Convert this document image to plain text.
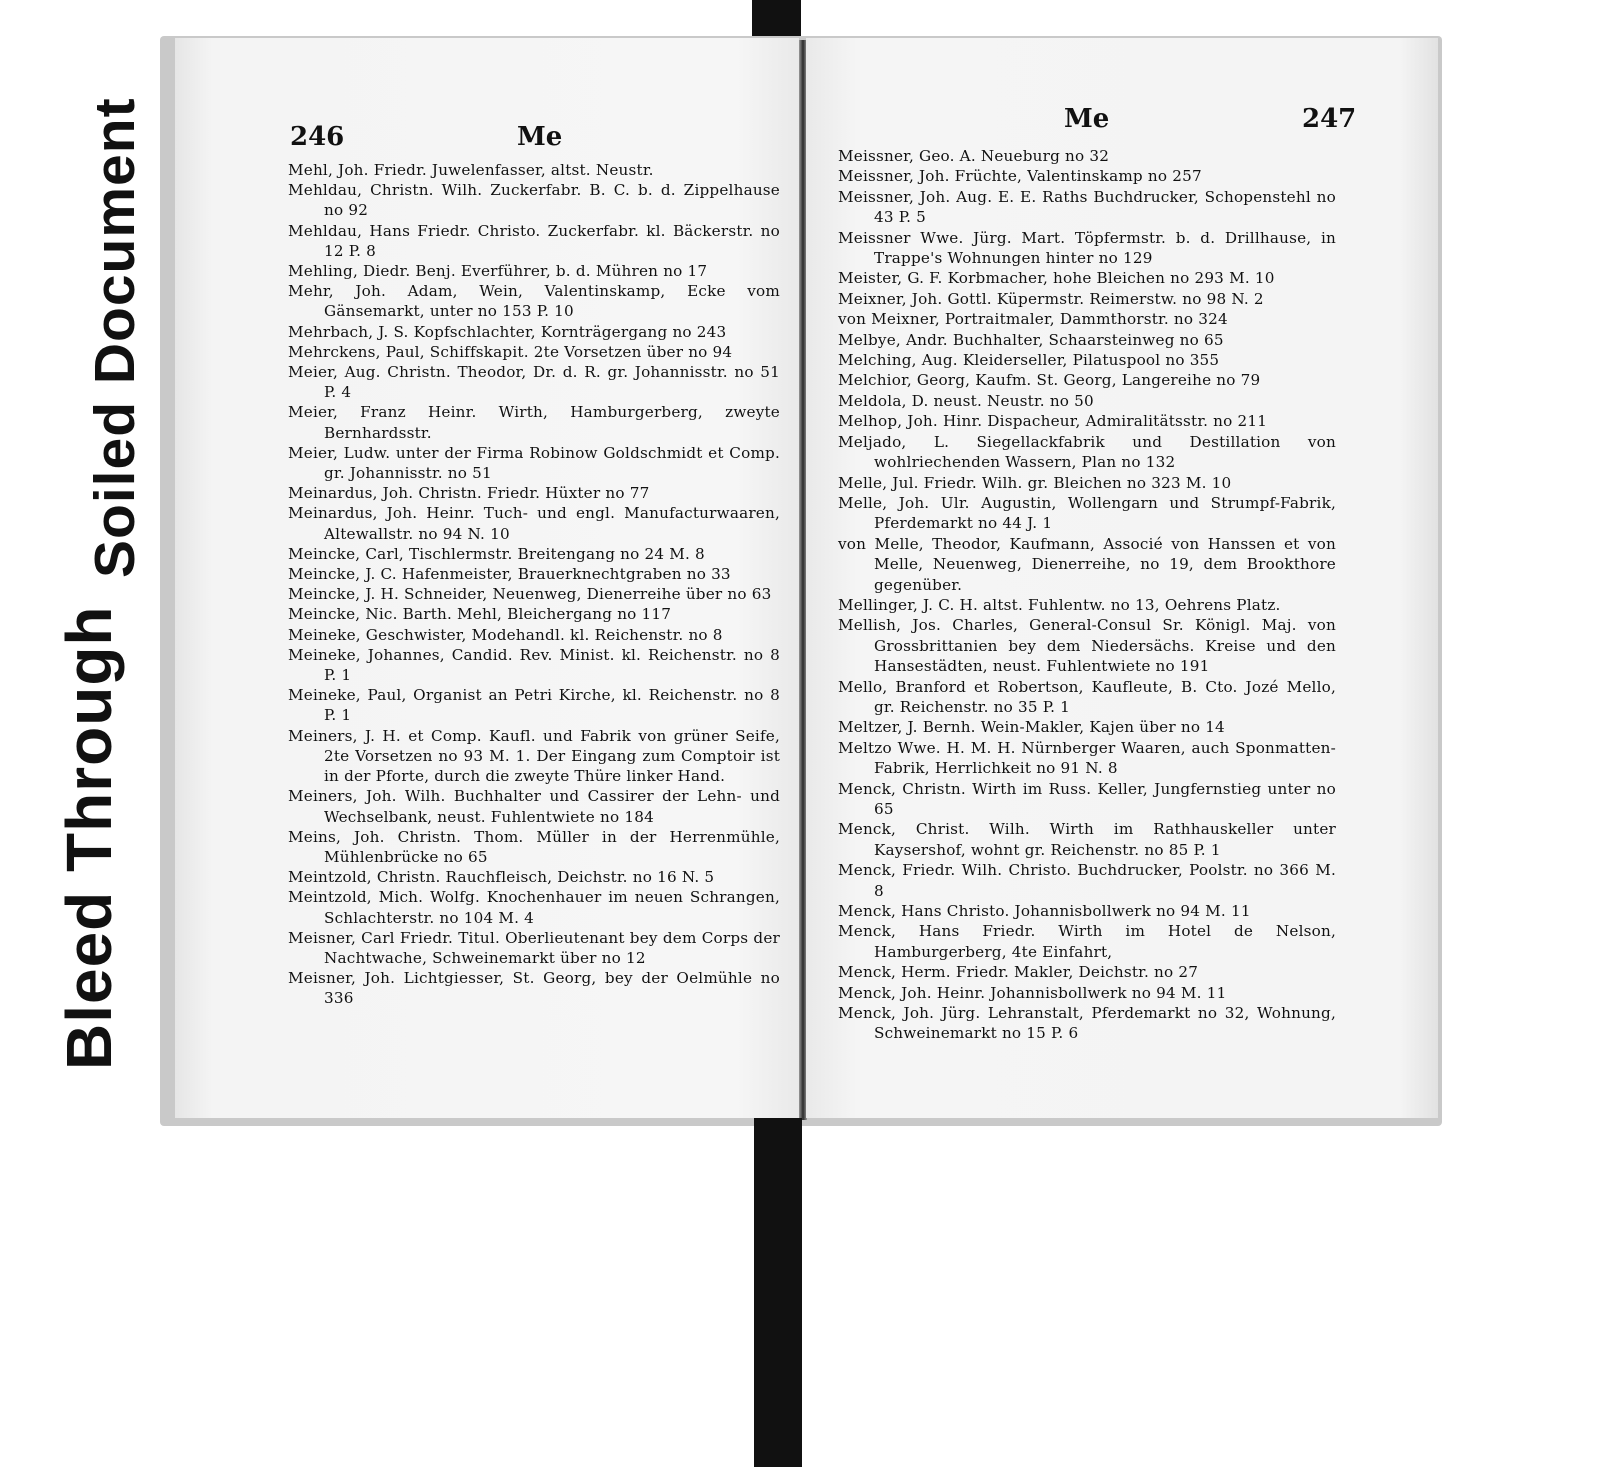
Soiled Document
Bleed Through
246	Me

Mehl, Joh. Friedr. Juwelenfasser, altst. Neustr.

Mehldau, Christn. Wilh. Zuckerfabr. B. C. b. d. Zippelhause no 92

Mehldau, Hans Friedr. Christo. Zuckerfabr. kl. Bäckerstr. no 12 P. 8

Mehling, Diedr. Benj. Everführer, b. d. Mühren no 17

Mehr, Joh. Adam, Wein, Valentinskamp, Ecke vom Gänsemarkt, unter no 153 P. 10

Mehrbach, J. S. Kopfschlachter, Kornträgergang no 243

Mehrckens, Paul, Schiffskapit. 2te Vorsetzen über no 94

Meier, Aug. Christn. Theodor, Dr. d. R. gr. Johannisstr. no 51 P. 4

Meier, Franz Heinr. Wirth, Hamburgerberg, zweyte Bernhardsstr.

Meier, Ludw. unter der Firma Robinow Goldschmidt et Comp. gr. Johannisstr. no 51

Meinardus, Joh. Christn. Friedr. Hüxter no 77

Meinardus, Joh. Heinr. Tuch- und engl. Manufacturwaaren, Altewallstr. no 94 N. 10

Meincke, Carl, Tischlermstr. Breitengang no 24 M. 8

Meincke, J. C. Hafenmeister, Brauerknechtgraben no 33

Meincke, J. H. Schneider, Neuenweg, Dienerreihe über no 63

Meincke, Nic. Barth. Mehl, Bleichergang no 117

Meineke, Geschwister, Modehandl. kl. Reichenstr. no 8

Meineke, Johannes, Candid. Rev. Minist. kl. Reichenstr. no 8 P. 1

Meineke, Paul, Organist an Petri Kirche, kl. Reichenstr. no 8 P. 1

Meiners, J. H. et Comp. Kaufl. und Fabrik von grüner Seife, 2te Vorsetzen no 93 M. 1. Der Eingang zum Comptoir ist in der Pforte, durch die zweyte Thüre linker Hand.

Meiners, Joh. Wilh. Buchhalter und Cassirer der Lehn- und Wechselbank, neust. Fuhlentwiete no 184

Meins, Joh. Christn. Thom. Müller in der Herrenmühle, Mühlenbrücke no 65

Meintzold, Christn. Rauchfleisch, Deichstr. no 16 N. 5

Meintzold, Mich. Wolfg. Knochenhauer im neuen Schrangen, Schlachterstr. no 104 M. 4

Meisner, Carl Friedr. Titul. Oberlieutenant bey dem Corps der Nachtwache, Schweinemarkt über no 12

Meisner, Joh. Lichtgiesser, St. Georg, bey der Oelmühle no 336

Me	247

Meissner, Geo. A. Neueburg no 32

Meissner, Joh. Früchte, Valentinskamp no 257

Meissner, Joh. Aug. E. E. Raths Buchdrucker, Schopenstehl no 43 P. 5

Meissner Wwe. Jürg. Mart. Töpfermstr. b. d. Drillhause, in Trappe's Wohnungen hinter no 129

Meister, G. F. Korbmacher, hohe Bleichen no 293 M. 10

Meixner, Joh. Gottl. Küpermstr. Reimerstw. no 98 N. 2

von Meixner, Portraitmaler, Dammthorstr. no 324

Melbye, Andr. Buchhalter, Schaarsteinweg no 65

Melching, Aug. Kleiderseller, Pilatuspool no 355

Melchior, Georg, Kaufm. St. Georg, Langereihe no 79

Meldola, D. neust. Neustr. no 50

Melhop, Joh. Hinr. Dispacheur, Admiralitätsstr. no 211

Meljado, L. Siegellackfabrik und Destillation von wohlriechenden Wassern, Plan no 132

Melle, Jul. Friedr. Wilh. gr. Bleichen no 323 M. 10

Melle, Joh. Ulr. Augustin, Wollengarn und Strumpf-Fabrik, Pferdemarkt no 44 J. 1

von Melle, Theodor, Kaufmann, Associé von Hanssen et von Melle, Neuenweg, Dienerreihe, no 19, dem Brookthore gegenüber.

Mellinger, J. C. H. altst. Fuhlentw. no 13, Oehrens Platz.

Mellish, Jos. Charles, General-Consul Sr. Königl. Maj. von Grossbrittanien bey dem Niedersächs. Kreise und den Hansestädten, neust. Fuhlentwiete no 191

Mello, Branford et Robertson, Kaufleute, B. Cto. Jozé Mello, gr. Reichenstr. no 35 P. 1

Meltzer, J. Bernh. Wein-Makler, Kajen über no 14

Meltzo Wwe. H. M. H. Nürnberger Waaren, auch Sponmatten-Fabrik, Herrlichkeit no 91 N. 8

Menck, Christn. Wirth im Russ. Keller, Jungfernstieg unter no 65

Menck, Christ. Wilh. Wirth im Rathhauskeller unter Kaysershof, wohnt gr. Reichenstr. no 85 P. 1

Menck, Friedr. Wilh. Christo. Buchdrucker, Poolstr. no 366 M. 8

Menck, Hans Christo. Johannisbollwerk no 94 M. 11

Menck, Hans Friedr. Wirth im Hotel de Nelson, Hamburgerberg, 4te Einfahrt,

Menck, Herm. Friedr. Makler, Deichstr. no 27

Menck, Joh. Heinr. Johannisbollwerk no 94 M. 11

Menck, Joh. Jürg. Lehranstalt, Pferdemarkt no 32, Wohnung, Schweinemarkt no 15 P. 6
